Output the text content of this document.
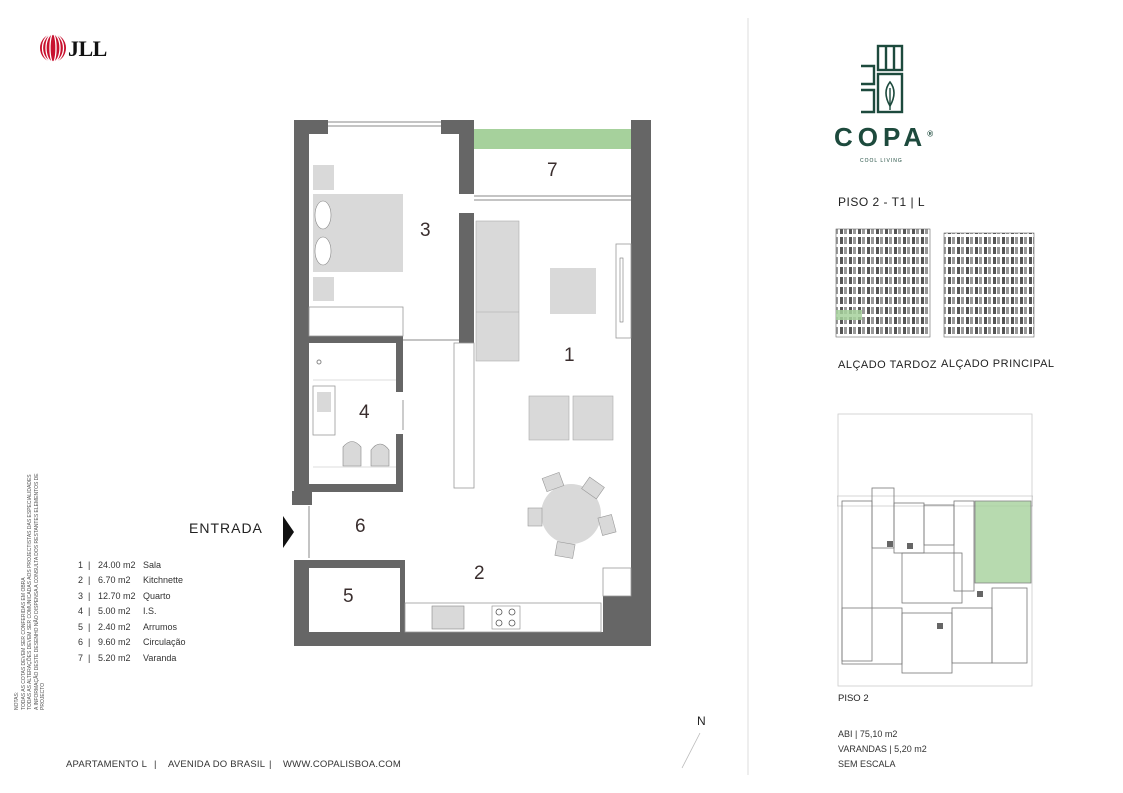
JLL
NOTAS: TODAS AS COTAS DEVEM SER CONFERIDAS EM OBRA TODAS AS ALTERAÇÕES DEVEM SER COMUNICADAS AOS PROJECTISTAS DAS ESPECIALIDADES A INFORMAÇÃO DESTE DESENHO NÃO DISPENSA A CONSULTA DOS RESTANTES ELEMENTOS DE PROJECTO
1 | 24.00 m2 Sala
2 | 6.70 m2 Kitchnette
3 | 12.70 m2 Quarto
4 | 5.00 m2 I.S.
5 | 2.40 m2 Arrumos
6 | 9.60 m2 Circulação
7 | 5.20 m2 Varanda
1
2
3
4
5
6
7
ENTRADA
N
COPA®
COOL LIVING
PISO 2 - T1 | L
ALÇADO TARDOZ ALÇADO PRINCIPAL
PISO 2
ABI | 75,10 m2
VARANDAS | 5,20 m2
SEM ESCALA
APARTAMENTO L | AVENIDA DO BRASIL | WWW.COPALISBOA.COM
